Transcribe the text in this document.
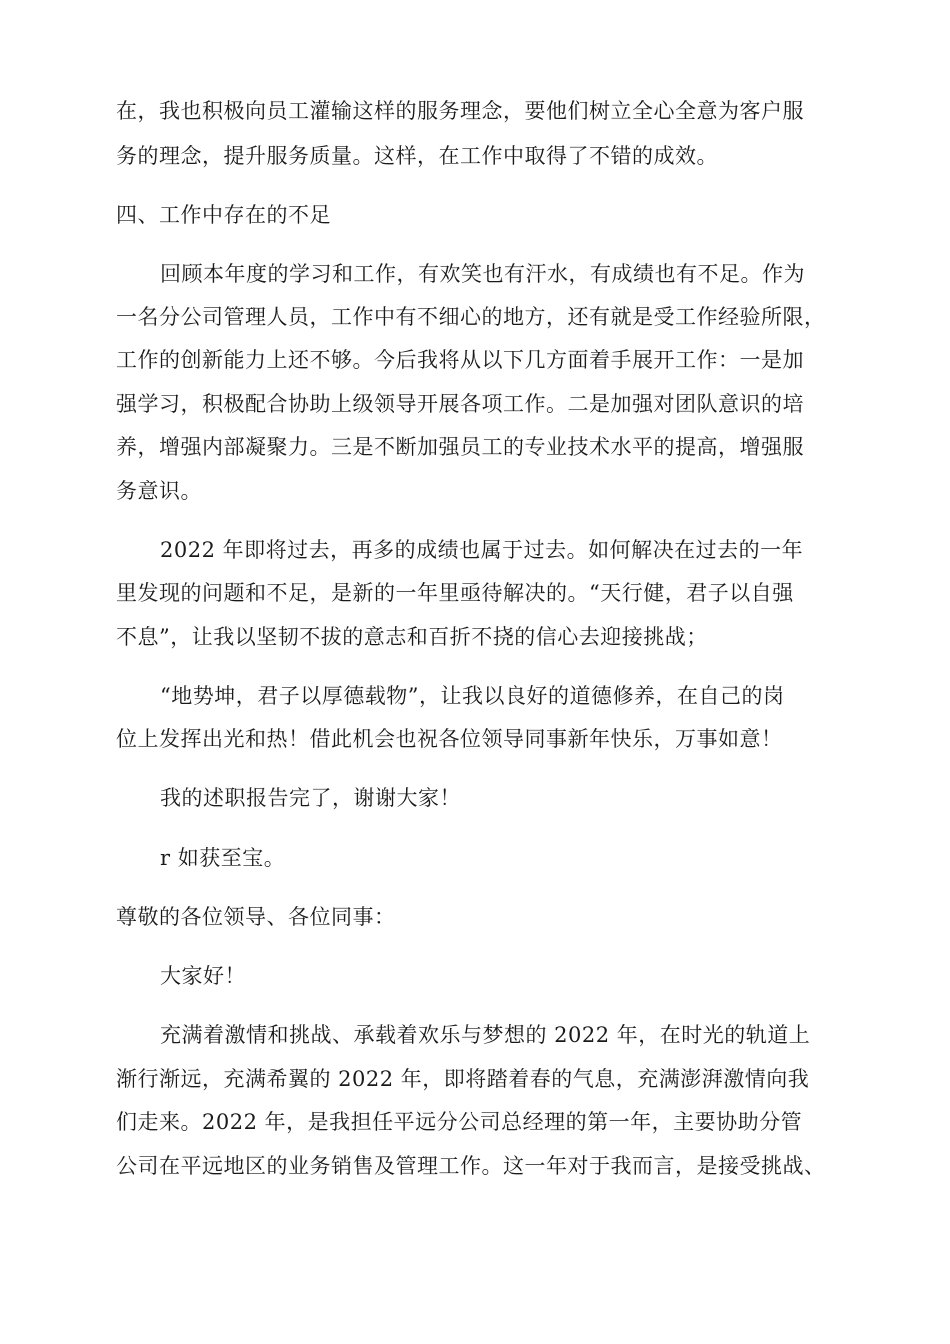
在，我也积极向员工灌输这样的服务理念，要他们树立全心全意为客户服
务的理念，提升服务质量。这样，在工作中取得了不错的成效。
四、工作中存在的不足
回顾本年度的学习和工作，有欢笑也有汗水，有成绩也有不足。作为
一名分公司管理人员，工作中有不细心的地方，还有就是受工作经验所限，
工作的创新能力上还不够。今后我将从以下几方面着手展开工作：一是加
强学习，积极配合协助上级领导开展各项工作。二是加强对团队意识的培
养，增强内部凝聚力。三是不断加强员工的专业技术水平的提高，增强服
务意识。
2022 年即将过去，再多的成绩也属于过去。如何解决在过去的一年
里发现的问题和不足，是新的一年里亟待解决的。“天行健，君子以自强
不息”，让我以坚韧不拔的意志和百折不挠的信心去迎接挑战；
“地势坤，君子以厚德载物”，让我以良好的道德修养，在自己的岗
位上发挥出光和热！借此机会也祝各位领导同事新年快乐，万事如意！
我的述职报告完了，谢谢大家！
r 如获至宝。
尊敬的各位领导、各位同事：
大家好！
充满着激情和挑战、承载着欢乐与梦想的 2022 年，在时光的轨道上
渐行渐远，充满希翼的 2022 年，即将踏着春的气息，充满澎湃激情向我
们走来。2022 年，是我担任平远分公司总经理的第一年，主要协助分管
公司在平远地区的业务销售及管理工作。这一年对于我而言，是接受挑战、
